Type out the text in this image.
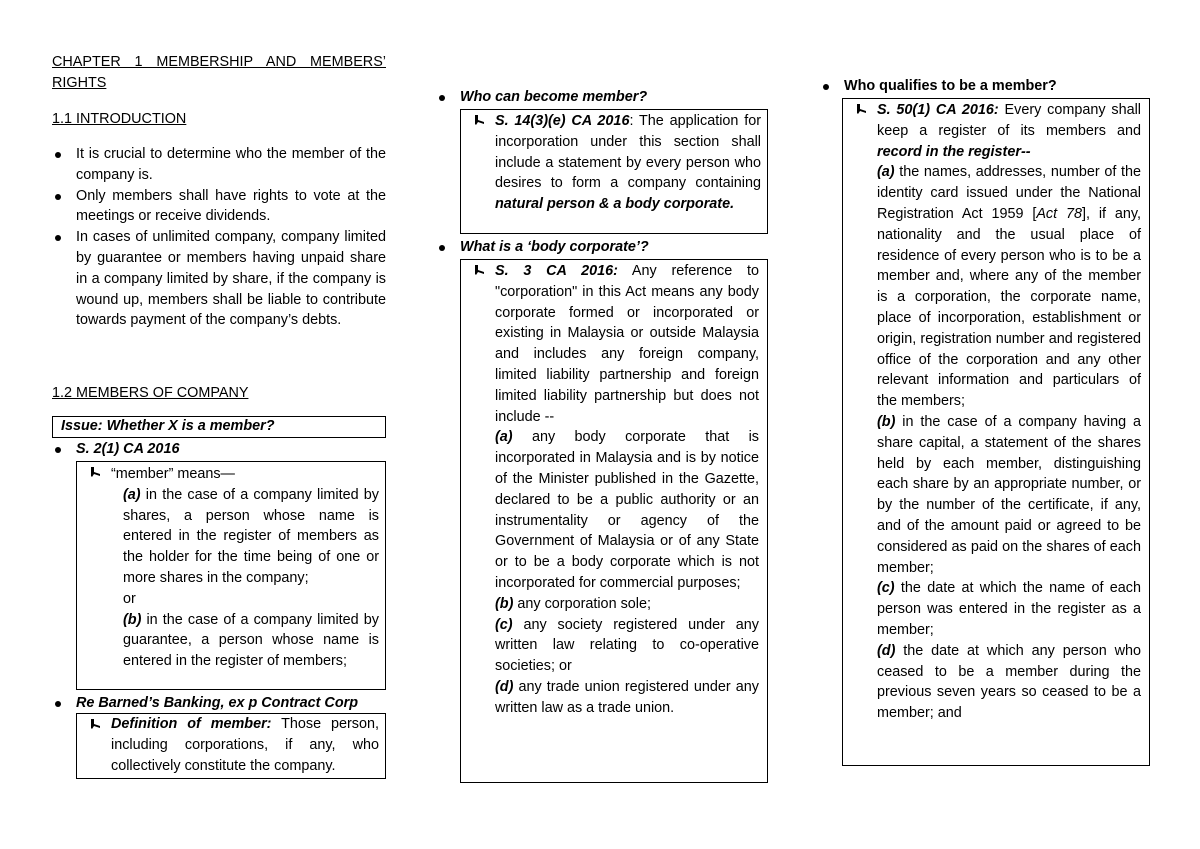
CHAPTER 1 MEMBERSHIP AND MEMBERS’
RIGHTS
1.1 INTRODUCTION
It is crucial to determine who the member of the company is.
Only members shall have rights to vote at the meetings or receive dividends.
In cases of unlimited company, company limited by guarantee or members having unpaid share in a company limited by share, if the company is wound up, members shall be liable to contribute towards payment of the company’s debts.
1.2 MEMBERS OF COMPANY
Issue: Whether X is a member?
S. 2(1) CA 2016
“member” means—
(a) in the case of a company limited by shares, a person whose name is entered in the register of members as the holder for the time being of one or more shares in the company;
or
(b) in the case of a company limited by guarantee, a person whose name is entered in the register of members;
Re Barned’s Banking, ex p Contract Corp
Definition of member: Those person, including corporations, if any, who collectively constitute the company.
Who can become member?
S. 14(3)(e) CA 2016: The application for incorporation under this section shall include a statement by every person who desires to form a company containing natural person & a body corporate.
What is a ‘body corporate’?
S. 3 CA 2016: Any reference to "corporation" in this Act means any body corporate formed or incorporated or existing in Malaysia or outside Malaysia and includes any foreign company, limited liability partnership and foreign limited liability partnership but does not include --
(a) any body corporate that is incorporated in Malaysia and is by notice of the Minister published in the Gazette, declared to be a public authority or an instrumentality or agency of the Government of Malaysia or of any State or to be a body corporate which is not incorporated for commercial purposes;
(b) any corporation sole;
(c) any society registered under any written law relating to co-operative societies; or
(d) any trade union registered under any written law as a trade union.
Who qualifies to be a member?
S. 50(1) CA 2016: Every company shall keep a register of its members and record in the register--
(a) the names, addresses, number of the identity card issued under the National Registration Act 1959 [Act 78], if any, nationality and the usual place of residence of every person who is to be a member and, where any of the member is a corporation, the corporate name, place of incorporation, establishment or origin, registration number and registered office of the corporation and any other relevant information and particulars of the members;
(b) in the case of a company having a share capital, a statement of the shares held by each member, distinguishing each share by an appropriate number, or by the number of the certificate, if any, and of the amount paid or agreed to be considered as paid on the shares of each member;
(c) the date at which the name of each person was entered in the register as a member;
(d) the date at which any person who ceased to be a member during the previous seven years so ceased to be a member; and
